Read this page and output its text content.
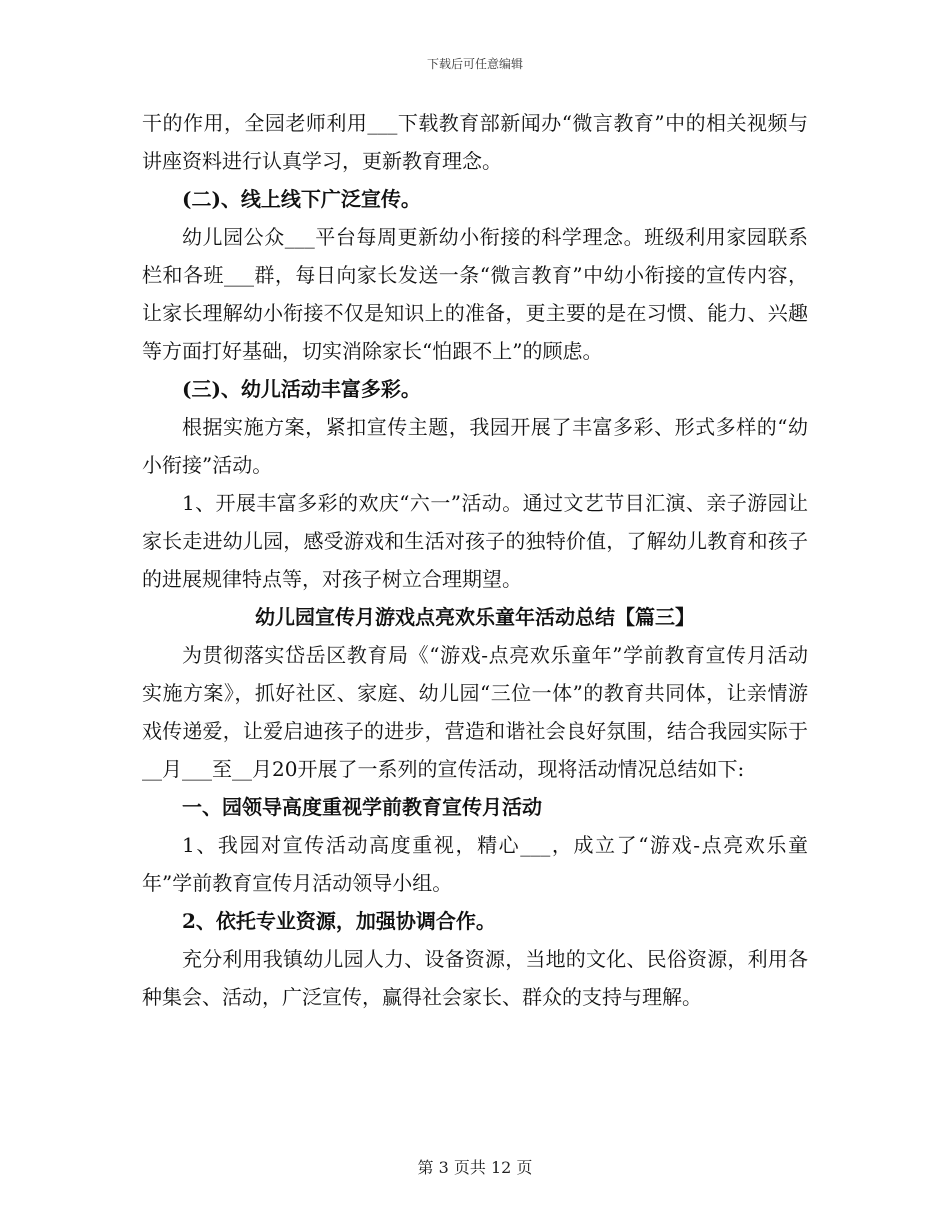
下载后可任意编辑

干的作用，全园老师利用___下载教育部新闻办“微言教育”中的相关视频与讲座资料进行认真学习，更新教育理念。

(二)、线上线下广泛宣传。

幼儿园公众___平台每周更新幼小衔接的科学理念。班级利用家园联系栏和各班___群，每日向家长发送一条“微言教育”中幼小衔接的宣传内容，让家长理解幼小衔接不仅是知识上的准备，更主要的是在习惯、能力、兴趣等方面打好基础，切实消除家长“怕跟不上”的顾虑。

(三)、幼儿活动丰富多彩。

根据实施方案，紧扣宣传主题，我园开展了丰富多彩、形式多样的“幼小衔接”活动。

1、开展丰富多彩的欢庆“六一”活动。通过文艺节目汇演、亲子游园让家长走进幼儿园，感受游戏和生活对孩子的独特价值，了解幼儿教育和孩子的进展规律特点等，对孩子树立合理期望。

幼儿园宣传月游戏点亮欢乐童年活动总结【篇三】

为贯彻落实岱岳区教育局《“游戏-点亮欢乐童年”学前教育宣传月活动实施方案》，抓好社区、家庭、幼儿园“三位一体”的教育共同体，让亲情游戏传递爱，让爱启迪孩子的进步，营造和谐社会良好氛围，结合我园实际于__月___至__月20开展了一系列的宣传活动，现将活动情况总结如下:

一、园领导高度重视学前教育宣传月活动

1、我园对宣传活动高度重视，精心___，成立了“游戏-点亮欢乐童年”学前教育宣传月活动领导小组。

2、依托专业资源，加强协调合作。

充分利用我镇幼儿园人力、设备资源，当地的文化、民俗资源，利用各种集会、活动，广泛宣传，赢得社会家长、群众的支持与理解。

第 3 页共 12 页
